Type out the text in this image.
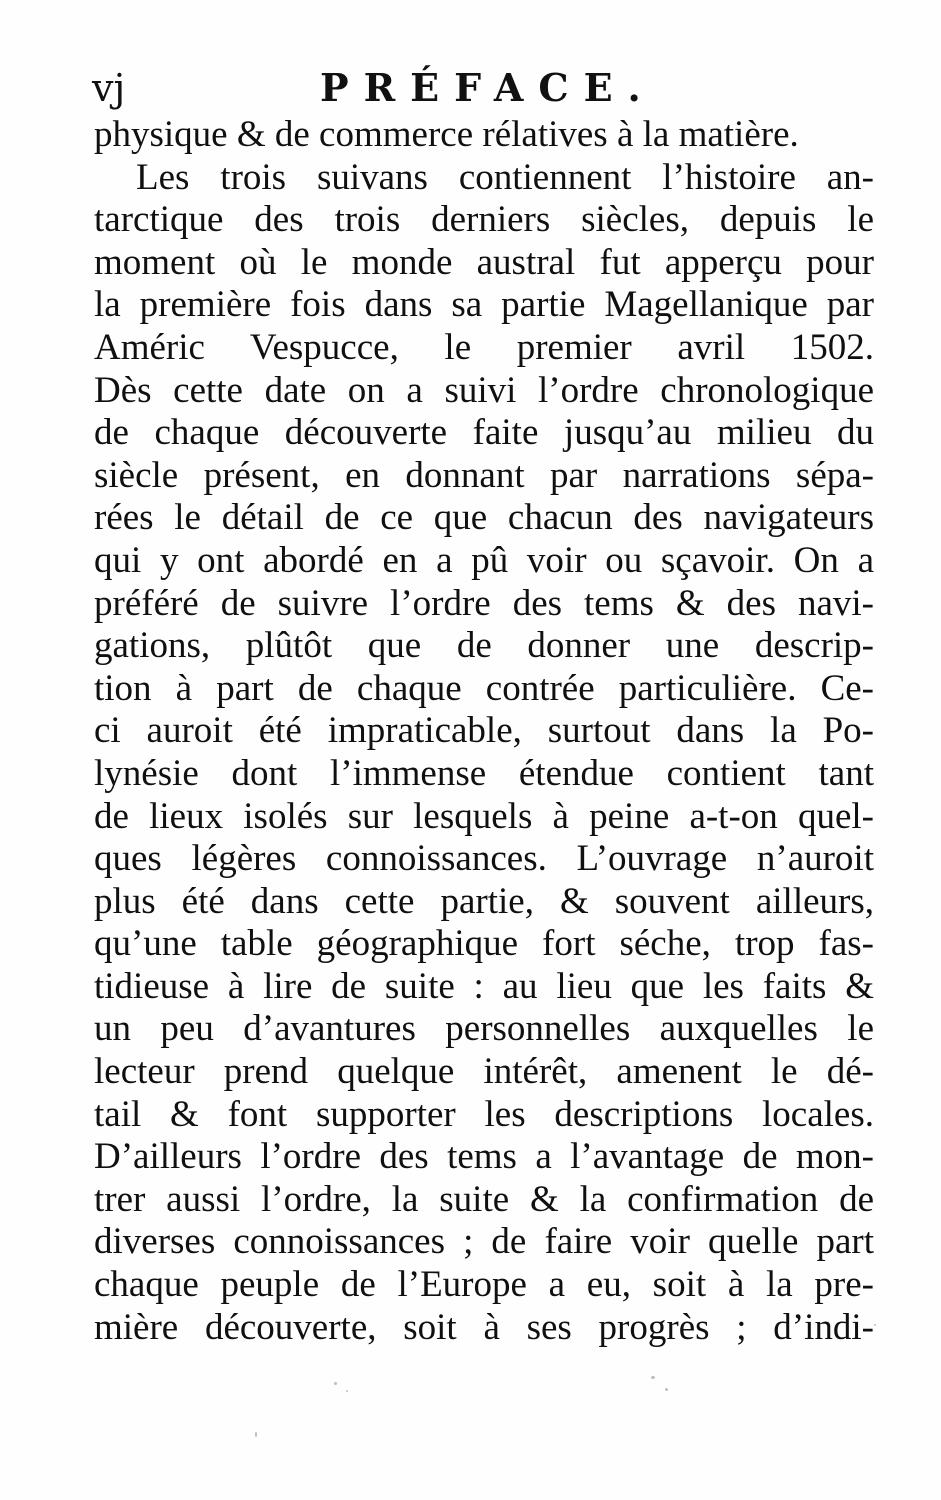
vj	PRÉFACE.
physique & de commerce rélatives à la matière.
Les trois suivans contiennent l’histoire an-
tarctique des trois derniers siècles, depuis le
moment où le monde austral fut apperçu pour
la première fois dans sa partie Magellanique par
Améric Vespucce, le premier avril 1502.
Dès cette date on a suivi l’ordre chronologique
de chaque découverte faite jusqu’au milieu du
siècle présent, en donnant par narrations sépa-
rées le détail de ce que chacun des navigateurs
qui y ont abordé en a pû voir ou sçavoir. On a
préféré de suivre l’ordre des tems & des navi-
gations, plûtôt que de donner une descrip-
tion à part de chaque contrée particulière. Ce-
ci auroit été impraticable, surtout dans la Po-
lynésie dont l’immense étendue contient tant
de lieux isolés sur lesquels à peine a-t-on quel-
ques légères connoissances. L’ouvrage n’auroit
plus été dans cette partie, & souvent ailleurs,
qu’une table géographique fort séche, trop fas-
tidieuse à lire de suite : au lieu que les faits &
un peu d’avantures personnelles auxquelles le
lecteur prend quelque intérêt, amenent le dé-
tail & font supporter les descriptions locales.
D’ailleurs l’ordre des tems a l’avantage de mon-
trer aussi l’ordre, la suite & la confirmation de
diverses connoissances ; de faire voir quelle part
chaque peuple de l’Europe a eu, soit à la pre-
mière découverte, soit à ses progrès ; d’indi-
